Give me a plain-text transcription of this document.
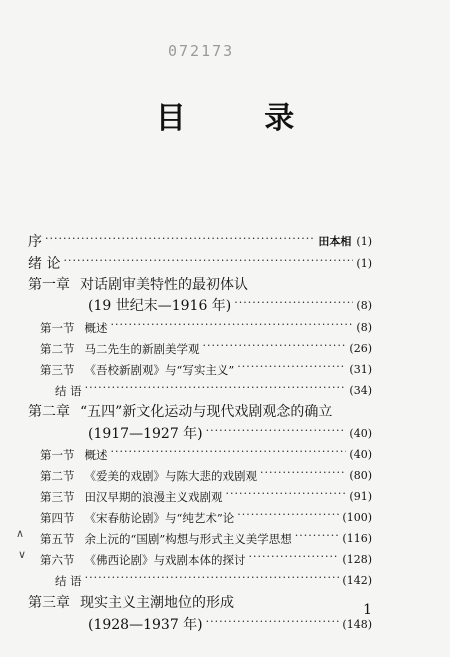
072173
目 录
序 ·····	田本相 (1)
绪 论 ·····	(1)
第一章 对话剧审美特性的最初体认
(19 世纪末—1916 年) ·····	(8)
第一节 概述 ·····	(8)
第二节 马二先生的新剧美学观 ·····	(26)
第三节 《吾校新剧观》与“写实主义” ·····	(31)
结 语 ·····	(34)
第二章 “五四”新文化运动与现代戏剧观念的确立
(1917—1927 年) ·····	(40)
第一节 概述 ·····	(40)
第二节 《爱美的戏剧》与陈大悲的戏剧观 ·····	(80)
第三节 田汉早期的浪漫主义戏剧观 ·····	(91)
第四节 《宋春舫论剧》与“纯艺术”论 ·····	(100)
第五节 余上沅的“国剧”构想与形式主义美学思想 ·····	(116)
第六节 《佛西论剧》与戏剧本体的探讨 ·····	(128)
结 语 ·····	(142)
第三章 现实主义主潮地位的形成
(1928—1937 年) ·····	(148)
∧
∨
1
